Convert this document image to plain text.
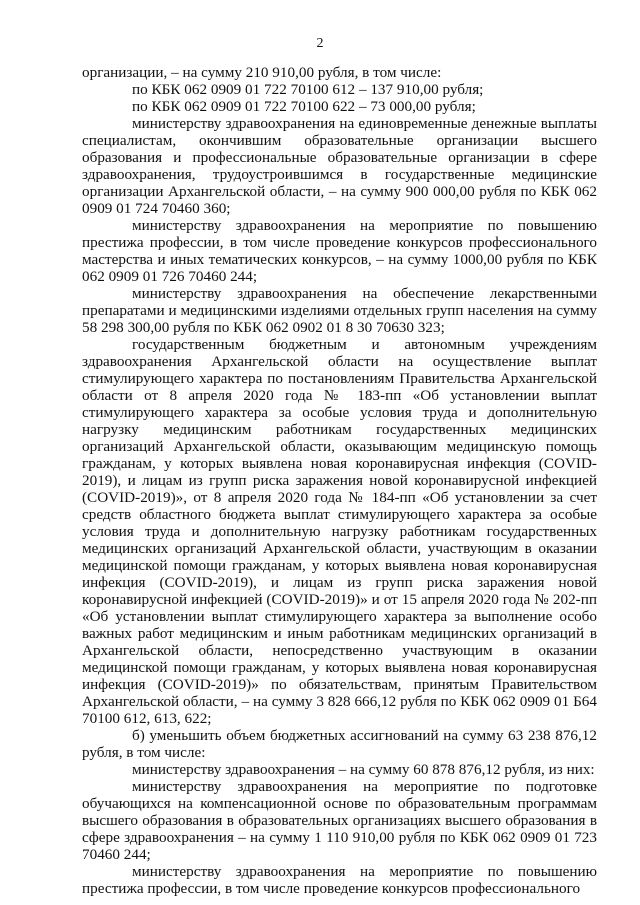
2

организации, – на сумму 210 910,00 рубля, в том числе:

по КБК 062 0909 01 722 70100 612 – 137 910,00 рубля;

по КБК 062 0909 01 722 70100 622 – 73 000,00 рубля;

министерству здравоохранения на единовременные денежные выплаты специалистам, окончившим образовательные организации высшего образования и профессиональные образовательные организации в сфере здравоохранения, трудоустроившимся в государственные медицинские организации Архангельской области, – на сумму 900 000,00 рубля по КБК 062 0909 01 724 70460 360;

министерству здравоохранения на мероприятие по повышению престижа профессии, в том числе проведение конкурсов профессионального мастерства и иных тематических конкурсов, – на сумму 1000,00 рубля по КБК 062 0909 01 726 70460 244;

министерству здравоохранения на обеспечение лекарственными препаратами и медицинскими изделиями отдельных групп населения на сумму 58 298 300,00 рубля по КБК 062 0902 01 8 30 70630 323;

государственным бюджетным и автономным учреждениям здравоохранения Архангельской области на осуществление выплат стимулирующего характера по постановлениям Правительства Архангельской области от 8 апреля 2020 года № 183-пп «Об установлении выплат стимулирующего характера за особые условия труда и дополнительную нагрузку медицинским работникам государственных медицинских организаций Архангельской области, оказывающим медицинскую помощь гражданам, у которых выявлена новая коронавирусная инфекция (COVID-2019), и лицам из групп риска заражения новой коронавирусной инфекцией (COVID-2019)», от 8 апреля 2020 года № 184-пп «Об установлении за счет средств областного бюджета выплат стимулирующего характера за особые условия труда и дополнительную нагрузку работникам государственных медицинских организаций Архангельской области, участвующим в оказании медицинской помощи гражданам, у которых выявлена новая коронавирусная инфекция (COVID-2019), и лицам из групп риска заражения новой коронавирусной инфекцией (COVID-2019)» и от 15 апреля 2020 года № 202-пп «Об установлении выплат стимулирующего характера за выполнение особо важных работ медицинским и иным работникам медицинских организаций в Архангельской области, непосредственно участвующим в оказании медицинской помощи гражданам, у которых выявлена новая коронавирусная инфекция (COVID-2019)» по обязательствам, принятым Правительством Архангельской области, – на сумму 3 828 666,12 рубля по КБК 062 0909 01 Б64 70100 612, 613, 622;

б) уменьшить объем бюджетных ассигнований на сумму 63 238 876,12 рубля, в том числе:

министерству здравоохранения – на сумму 60 878 876,12 рубля, из них:

министерству здравоохранения на мероприятие по подготовке обучающихся на компенсационной основе по образовательным программам высшего образования в образовательных организациях высшего образования в сфере здравоохранения – на сумму 1 110 910,00 рубля по КБК 062 0909 01 723 70460 244;

министерству здравоохранения на мероприятие по повышению престижа профессии, в том числе проведение конкурсов профессионального
